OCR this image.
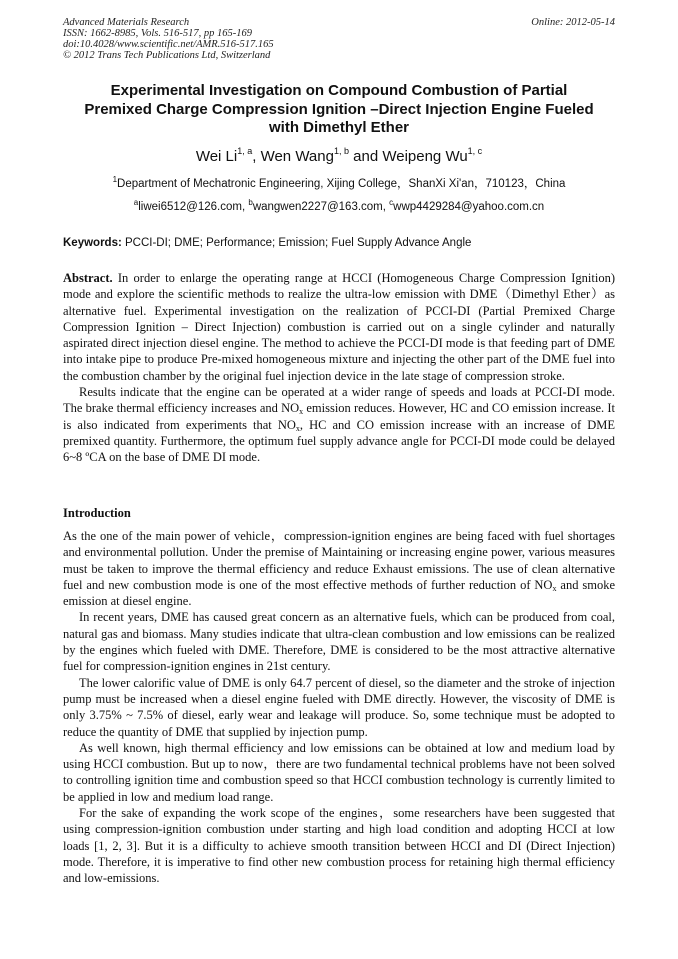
Advanced Materials Research
ISSN: 1662-8985, Vols. 516-517, pp 165-169
doi:10.4028/www.scientific.net/AMR.516-517.165
© 2012 Trans Tech Publications Ltd, Switzerland
Online: 2012-05-14
Experimental Investigation on Compound Combustion of Partial
Premixed Charge Compression Ignition –Direct Injection Engine Fueled
with Dimethyl Ether
Wei Li$^{1, a}$, Wen Wang$^{1, b}$ and Weipeng Wu$^{1, c}$
$^1$Department of Mechatronic Engineering, Xijing College，ShanXi Xi'an，710123，China
$^a$liwei6512@126.com, $^b$wangwen2227@163.com, $^c$wwp4429284@yahoo.com.cn
Keywords: PCCI-DI; DME; Performance; Emission; Fuel Supply Advance Angle

Abstract. In order to enlarge the operating range at HCCI (Homogeneous Charge Compression Ignition) mode and explore the scientific methods to realize the ultra-low emission with DME（Dimethyl Ether）as alternative fuel. Experimental investigation on the realization of PCCI-DI (Partial Premixed Charge Compression Ignition – Direct Injection) combustion is carried out on a single cylinder and naturally aspirated direct injection diesel engine. The method to achieve the PCCI-DI mode is that feeding part of DME into intake pipe to produce Pre-mixed homogeneous mixture and injecting the other part of the DME fuel into the combustion chamber by the original fuel injection device in the late stage of compression stroke.

Results indicate that the engine can be operated at a wider range of speeds and loads at PCCI-DI mode. The brake thermal efficiency increases and $NO_x$ emission reduces. However, HC and CO emission increase. It is also indicated from experiments that $NO_x$, HC and CO emission increase with an increase of DME premixed quantity. Furthermore, the optimum fuel supply advance angle for PCCI-DI mode could be delayed 6~8 ºCA on the base of DME DI mode.

Introduction

As the one of the main power of vehicle，compression-ignition engines are being faced with fuel shortages and environmental pollution. Under the premise of Maintaining or increasing engine power, various measures must be taken to improve the thermal efficiency and reduce Exhaust emissions. The use of clean alternative fuel and new combustion mode is one of the most effective methods of further reduction of $NO_x$ and smoke emission at diesel engine.

In recent years, DME has caused great concern as an alternative fuels, which can be produced from coal, natural gas and biomass. Many studies indicate that ultra-clean combustion and low emissions can be realized by the engines which fueled with DME. Therefore, DME is considered to be the most attractive alternative fuel for compression-ignition engines in 21st century.

The lower calorific value of DME is only 64.7 percent of diesel, so the diameter and the stroke of injection pump must be increased when a diesel engine fueled with DME directly. However, the viscosity of DME is only 3.75% ~ 7.5% of diesel, early wear and leakage will produce. So, some technique must be adopted to reduce the quantity of DME that supplied by injection pump.

As well known, high thermal efficiency and low emissions can be obtained at low and medium load by using HCCI combustion. But up to now，there are two fundamental technical problems have not been solved to controlling ignition time and combustion speed so that HCCI combustion technology is currently limited to be applied in low and medium load range.

For the sake of expanding the work scope of the engines，some researchers have been suggested that using compression-ignition combustion under starting and high load condition and adopting HCCI at low loads [1, 2, 3]. But it is a difficulty to achieve smooth transition between HCCI and DI (Direct Injection) mode. Therefore, it is imperative to find other new combustion process for retaining high thermal efficiency and low-emissions.
